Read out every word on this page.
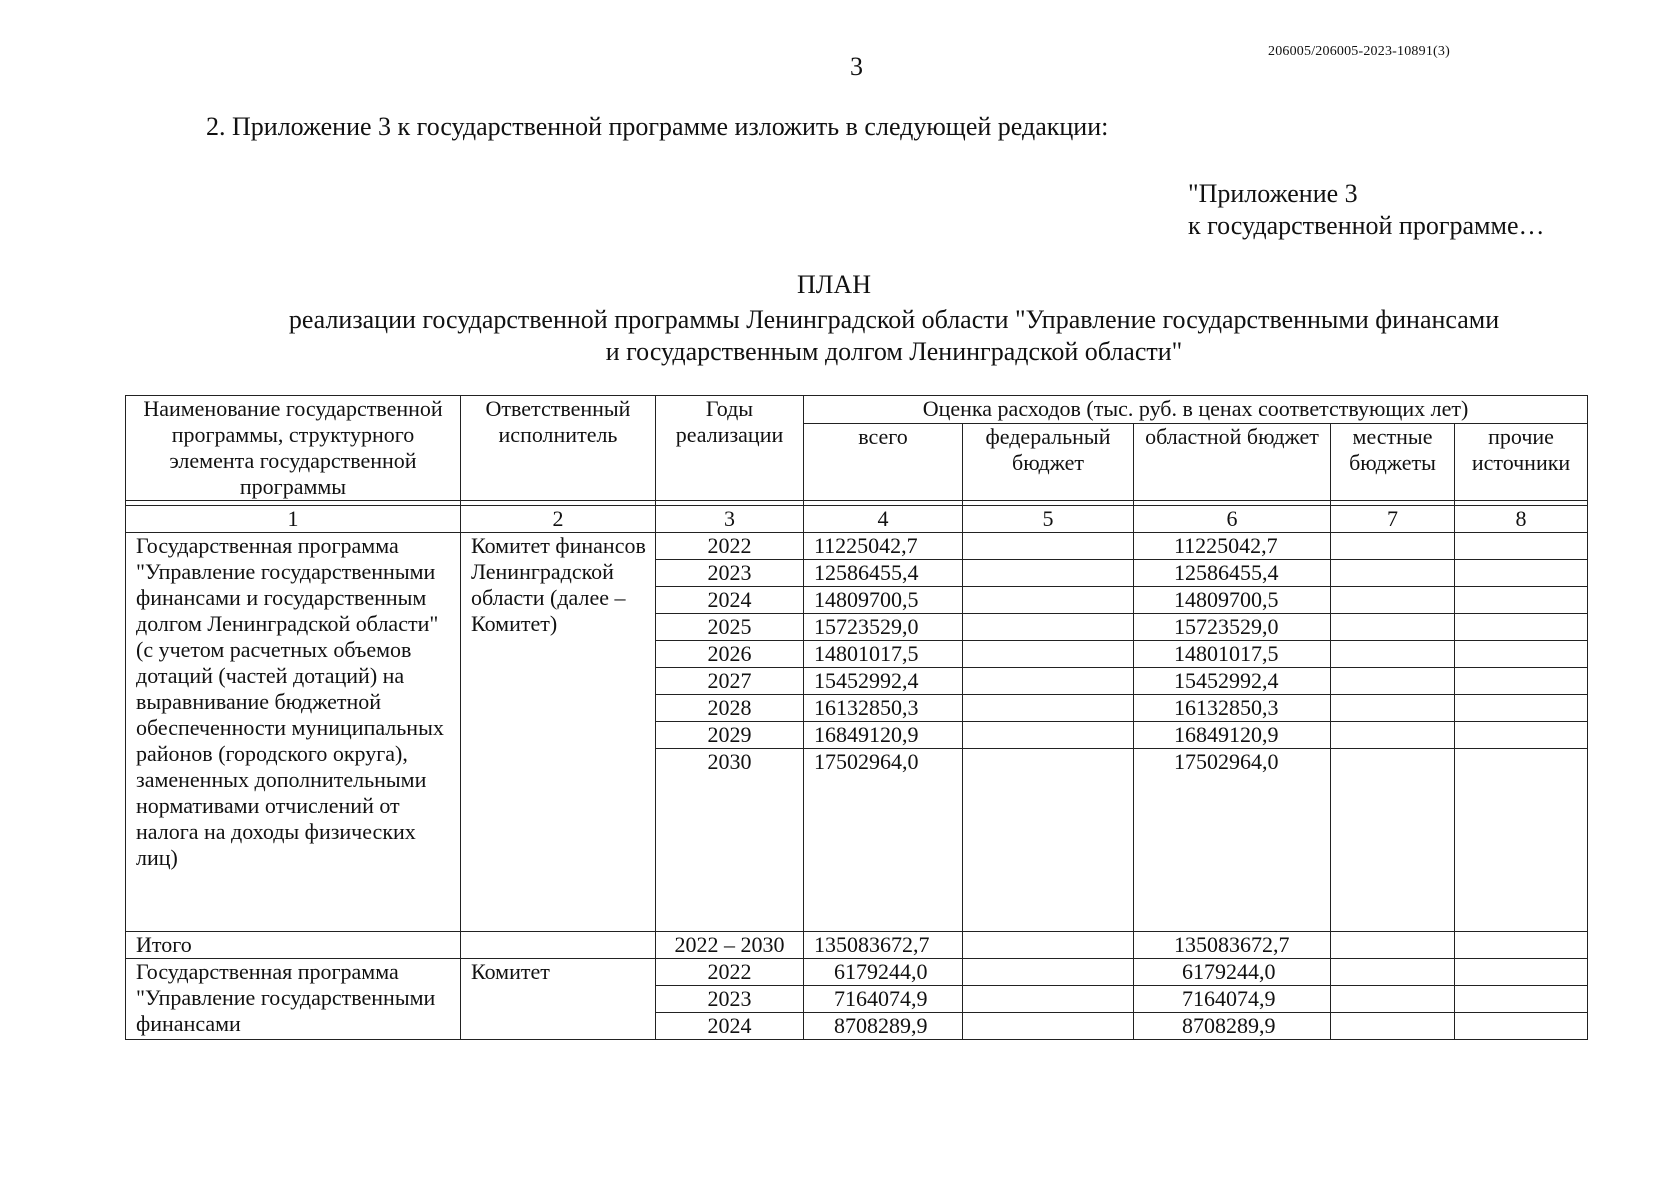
206005/206005-2023-10891(3)
3
2. Приложение 3 к государственной программе изложить в следующей редакции:
"Приложение 3
к государственной программе…
ПЛАН
реализации государственной программы Ленинградской области "Управление государственными финансами
и государственным долгом Ленинградской области"
Наименование государственной программы, структурного элемента государственной программы	Ответственный исполнитель	Годы реализации	Оценка расходов (тыс. руб. в ценах соответствующих лет)				
			всего	федеральный бюджет	областной бюджет	местные бюджеты	прочие источники

1	2	3	4	5	6	7	8
Государственная программа "Управление государственными финансами и государственным долгом Ленинградской области" (с учетом расчетных объемов дотаций (частей дотаций) на выравнивание бюджетной обеспеченности муниципальных районов (городского округа), замененных дополнительными нормативами отчислений от налога на доходы физических лиц)	Комитет финансов Ленинградской области (далее – Комитет)	2022	11225042,7		11225042,7		
		2023	12586455,4		12586455,4		
		2024	14809700,5		14809700,5		
		2025	15723529,0		15723529,0		
		2026	14801017,5		14801017,5		
		2027	15452992,4		15452992,4		
		2028	16132850,3		16132850,3		
		2029	16849120,9		16849120,9		
		2030	17502964,0		17502964,0		
Итого		2022 – 2030	135083672,7		135083672,7		
Государственная программа "Управление государственными финансами	Комитет	2022	6179244,0		6179244,0		
		2023	7164074,9		7164074,9		
		2024	8708289,9		8708289,9		
